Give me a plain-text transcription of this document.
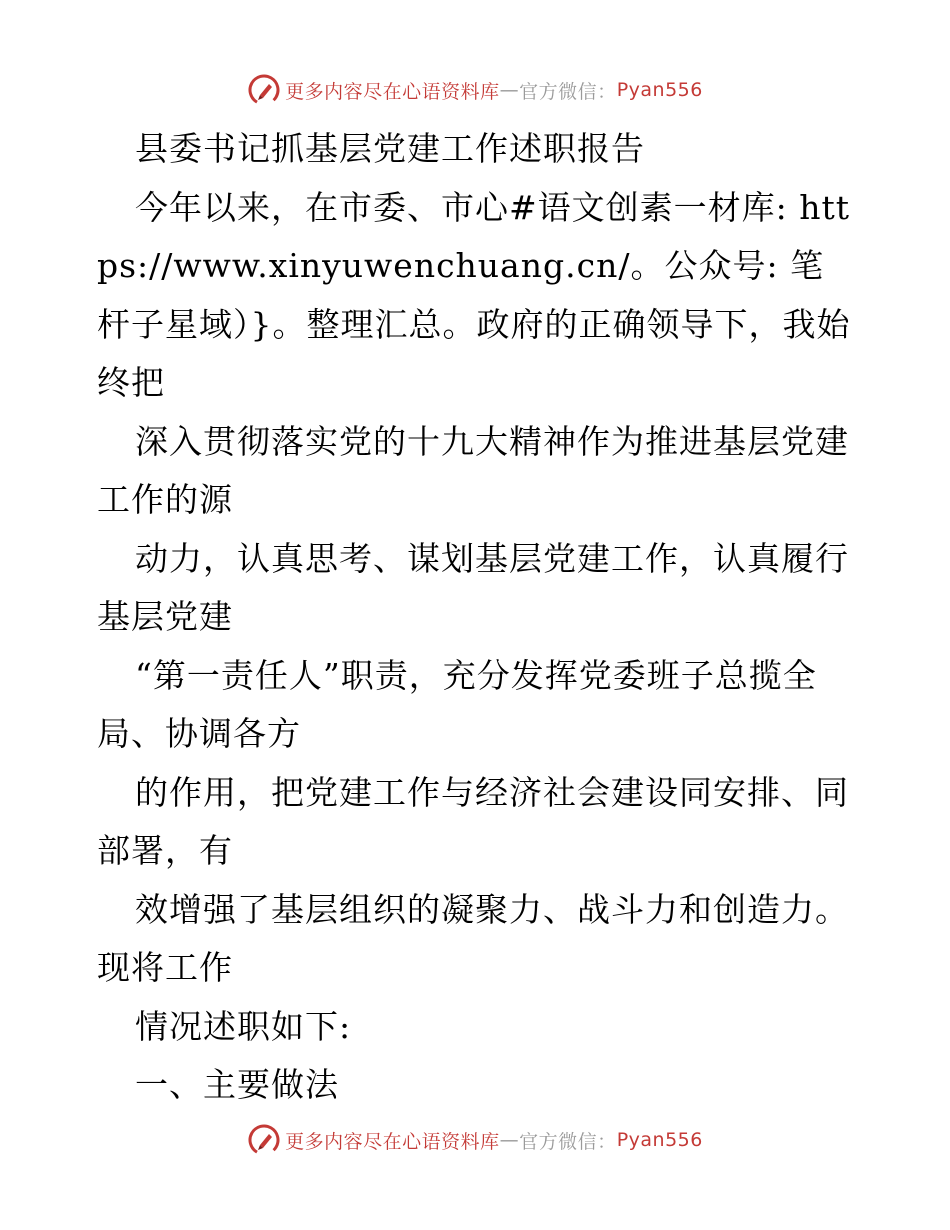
更多内容尽在心语资料库 — 官方微信： Pyan556

县委书记抓基层党建工作述职报告

今年以来，在市委、市心#语文创素一材库: https://www.xinyuwenchuang.cn/。公众号: 笔杆子星域）}。整理汇总。政府的正确领导下，我始终把

深入贯彻落实党的十九大精神作为推进基层党建工作的源

动力，认真思考、谋划基层党建工作，认真履行基层党建

“第一责任人”职责，充分发挥党委班子总揽全局、协调各方

的作用，把党建工作与经济社会建设同安排、同部署，有

效增强了基层组织的凝聚力、战斗力和创造力。现将工作

情况述职如下:

一、主要做法

更多内容尽在心语资料库 — 官方微信： Pyan556
